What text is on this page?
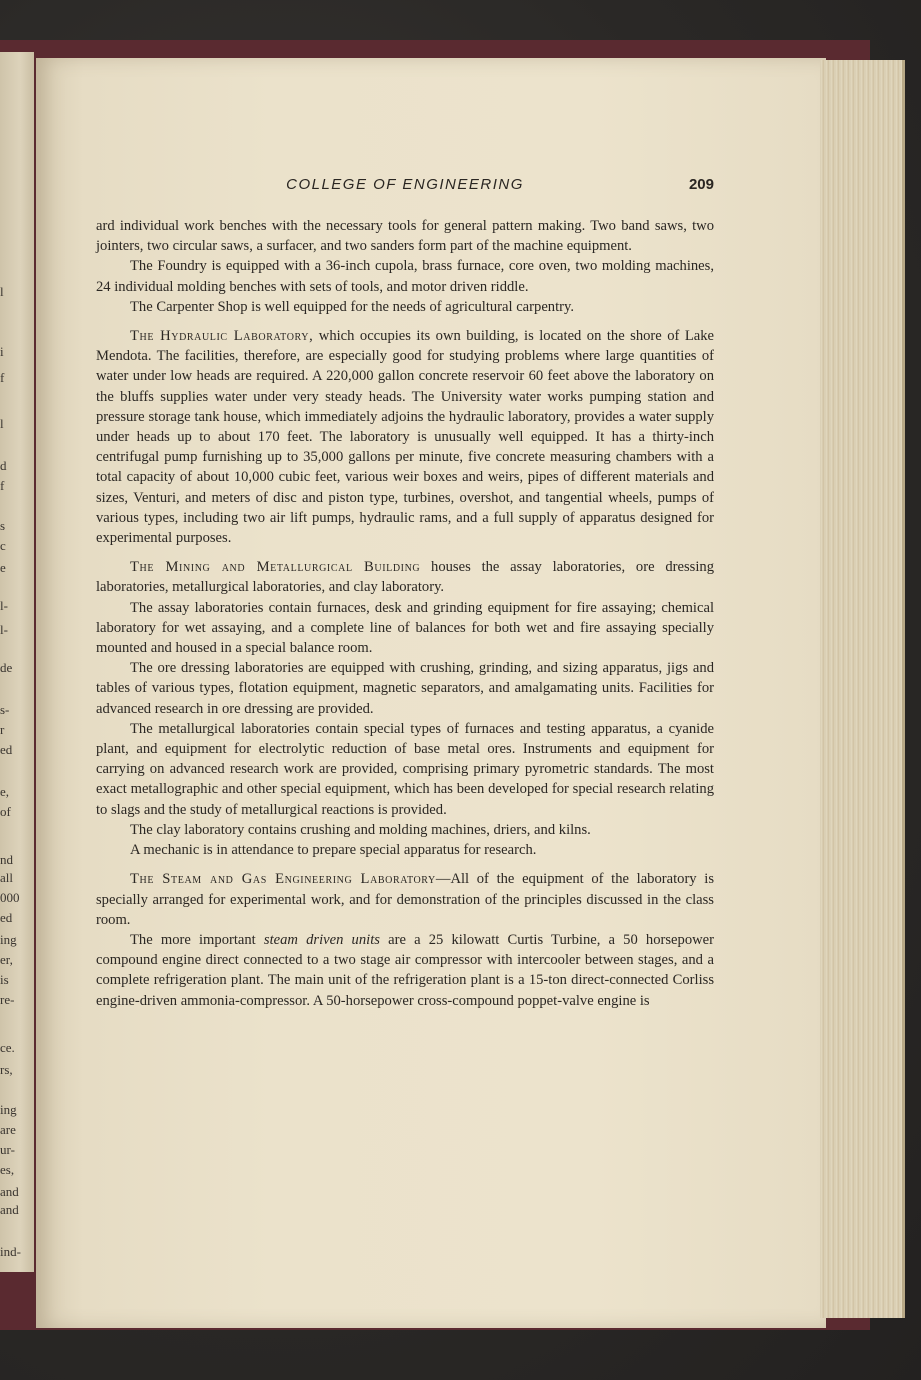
l
i
f
l
d
f
s
c
e
l-
l-
de
s-
r
ed
e,
of
nd
all
000
ed
ing
er,
is
re-
ce.
rs,
ing
are
ur-
es,
and
and
ind-
COLLEGE OF ENGINEERING	209

ard individual work benches with the necessary tools for general pattern making. Two band saws, two jointers, two circular saws, a surfacer, and two sanders form part of the machine equipment.

The Foundry is equipped with a 36-inch cupola, brass furnace, core oven, two molding machines, 24 individual molding benches with sets of tools, and motor driven riddle.

The Carpenter Shop is well equipped for the needs of agricultural carpentry.

The Hydraulic Laboratory, which occupies its own building, is located on the shore of Lake Mendota. The facilities, therefore, are especially good for studying problems where large quantities of water under low heads are required. A 220,000 gallon concrete reservoir 60 feet above the laboratory on the bluffs supplies water under very steady heads. The University water works pumping station and pressure storage tank house, which immediately adjoins the hydraulic laboratory, provides a water supply under heads up to about 170 feet. The laboratory is unusually well equipped. It has a thirty-inch centrifugal pump furnishing up to 35,000 gallons per minute, five concrete measuring chambers with a total capacity of about 10,000 cubic feet, various weir boxes and weirs, pipes of different materials and sizes, Venturi, and meters of disc and piston type, turbines, overshot, and tangential wheels, pumps of various types, including two air lift pumps, hydraulic rams, and a full supply of apparatus designed for experimental purposes.

The Mining and Metallurgical Building houses the assay laboratories, ore dressing laboratories, metallurgical laboratories, and clay laboratory.

The assay laboratories contain furnaces, desk and grinding equipment for fire assaying; chemical laboratory for wet assaying, and a complete line of balances for both wet and fire assaying specially mounted and housed in a special balance room.

The ore dressing laboratories are equipped with crushing, grinding, and sizing apparatus, jigs and tables of various types, flotation equipment, magnetic separators, and amalgamating units. Facilities for advanced research in ore dressing are provided.

The metallurgical laboratories contain special types of furnaces and testing apparatus, a cyanide plant, and equipment for electrolytic reduction of base metal ores. Instruments and equipment for carrying on advanced research work are provided, comprising primary pyrometric standards. The most exact metallographic and other special equipment, which has been developed for special research relating to slags and the study of metallurgical reactions is provided.

The clay laboratory contains crushing and molding machines, driers, and kilns.

A mechanic is in attendance to prepare special apparatus for research.

The Steam and Gas Engineering Laboratory—All of the equipment of the laboratory is specially arranged for experimental work, and for demonstration of the principles discussed in the class room.

The more important steam driven units are a 25 kilowatt Curtis Turbine, a 50 horsepower compound engine direct connected to a two stage air compressor with intercooler between stages, and a complete refrigeration plant. The main unit of the refrigeration plant is a 15-ton direct-connected Corliss engine-driven ammonia-compressor. A 50-horsepower cross-compound poppet-valve engine is
